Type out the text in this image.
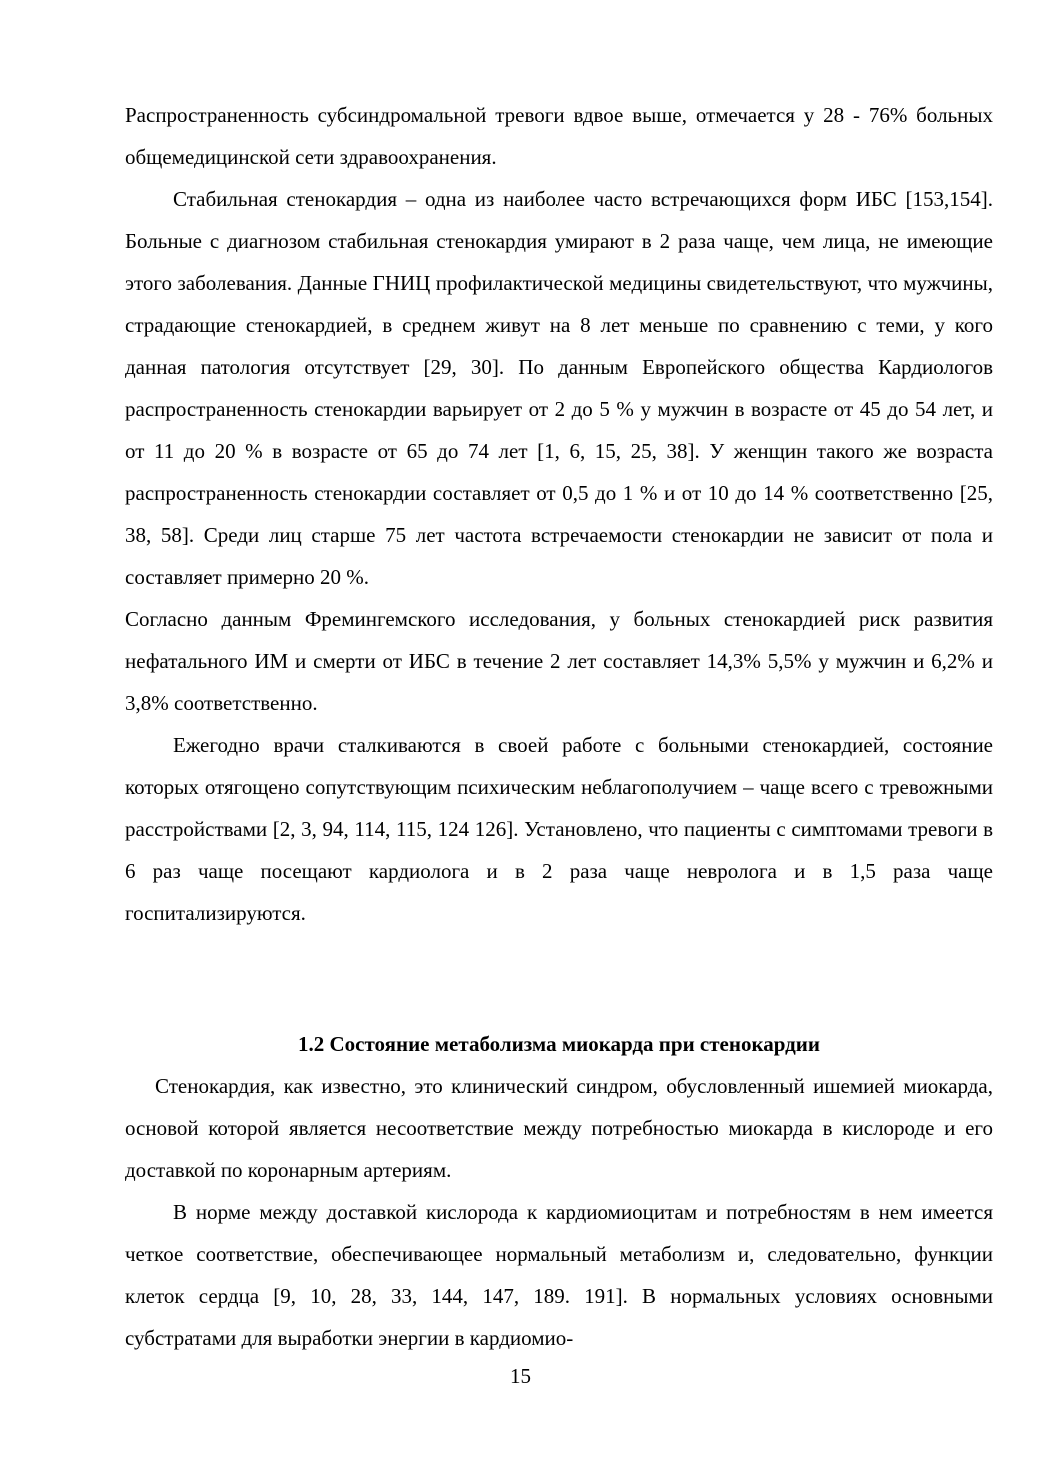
Распространенность субсиндромальной тревоги вдвое выше, отмечается у 28 - 76% больных общемедицинской сети здравоохранения.

Стабильная стенокардия – одна из наиболее часто встречающихся форм ИБС [153,154]. Больные с диагнозом стабильная стенокардия умирают в 2 раза чаще, чем лица, не имеющие этого заболевания. Данные ГНИЦ профилактической медицины свидетельствуют, что мужчины, страдающие стенокардией, в среднем живут на 8 лет меньше по сравнению с теми, у кого данная патология отсутствует [29, 30]. По данным Европейского общества Кардиологов распространенность стенокардии варьирует от 2 до 5 % у мужчин в возрасте от 45 до 54 лет, и от 11 до 20 % в возрасте от 65 до 74 лет [1, 6, 15, 25, 38]. У женщин такого же возраста распространенность стенокардии составляет от 0,5 до 1 % и от 10 до 14 % соответственно [25, 38, 58]. Среди лиц старше 75 лет частота встречаемости стенокардии не зависит от пола и составляет примерно 20 %.

Согласно данным Фремингемского исследования, у больных стенокардией риск развития нефатального ИМ и смерти от ИБС в течение 2 лет составляет 14,3% 5,5% у мужчин и 6,2% и 3,8% соответственно.

Ежегодно врачи сталкиваются в своей работе с больными стенокардией, состояние которых отягощено сопутствующим психическим неблагополучием – чаще всего с тревожными расстройствами [2, 3, 94, 114, 115, 124 126]. Установлено, что пациенты с симптомами тревоги в 6 раз чаще посещают кардиолога и в 2 раза чаще невролога и в 1,5 раза чаще госпитализируются.

1.2 Состояние метаболизма миокарда при стенокардии

Стенокардия, как известно, это клинический синдром, обусловленный ишемией миокарда, основой которой является несоответствие между потребностью миокарда в кислороде и его доставкой по коронарным артериям.

В норме между доставкой кислорода к кардиомиоцитам и потребностям в нем имеется четкое соответствие, обеспечивающее нормальный метаболизм и, следовательно, функции клеток сердца [9, 10, 28, 33, 144, 147, 189. 191]. В нормальных условиях основными субстратами для выработки энергии в кардиомио-

15
